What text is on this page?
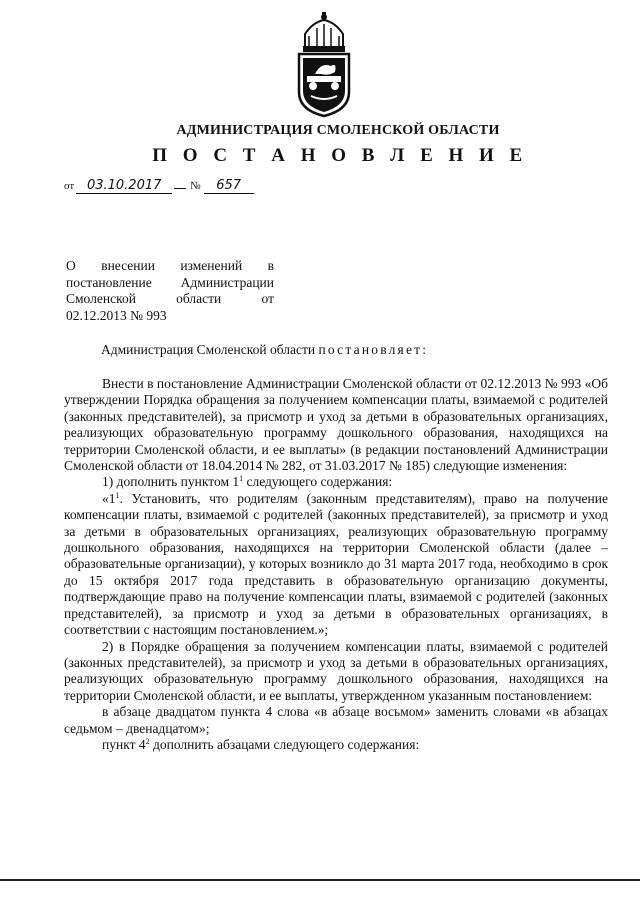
АДМИНИСТРАЦИЯ СМОЛЕНСКОЙ ОБЛАСТИ
П О С Т А Н О В Л Е Н И Е
от 03.10.2017	№ 657
О внесении изменений в
постановление Администрации
Смоленской области от
02.12.2013 № 993
Администрация Смоленской области постановляет:

Внести в постановление Администрации Смоленской области от 02.12.2013 № 993 «Об утверждении Порядка обращения за получением компенсации платы, взимаемой с родителей (законных представителей), за присмотр и уход за детьми в образовательных организациях, реализующих образовательную программу дошкольного образования, находящихся на территории Смоленской области, и ее выплаты» (в редакции постановлений Администрации Смоленской области от 18.04.2014 № 282, от 31.03.2017 № 185) следующие изменения:

1) дополнить пунктом $1^1$ следующего содержания:

«$1^1$. Установить, что родителям (законным представителям), право на получение компенсации платы, взимаемой с родителей (законных представителей), за присмотр и уход за детьми в образовательных организациях, реализующих образовательную программу дошкольного образования, находящихся на территории Смоленской области (далее – образовательные организации), у которых возникло до 31 марта 2017 года, необходимо в срок до 15 октября 2017 года представить в образовательную организацию документы, подтверждающие право на получение компенсации платы, взимаемой с родителей (законных представителей), за присмотр и уход за детьми в образовательных организациях, в соответствии с настоящим постановлением.»;

2) в Порядке обращения за получением компенсации платы, взимаемой с родителей (законных представителей), за присмотр и уход за детьми в образовательных организациях, реализующих образовательную программу дошкольного образования, находящихся на территории Смоленской области, и ее выплаты, утвержденном указанным постановлением:

в абзаце двадцатом пункта 4 слова «в абзаце восьмом» заменить словами «в абзацах седьмом – двенадцатом»;

пункт $4^2$ дополнить абзацами следующего содержания:
